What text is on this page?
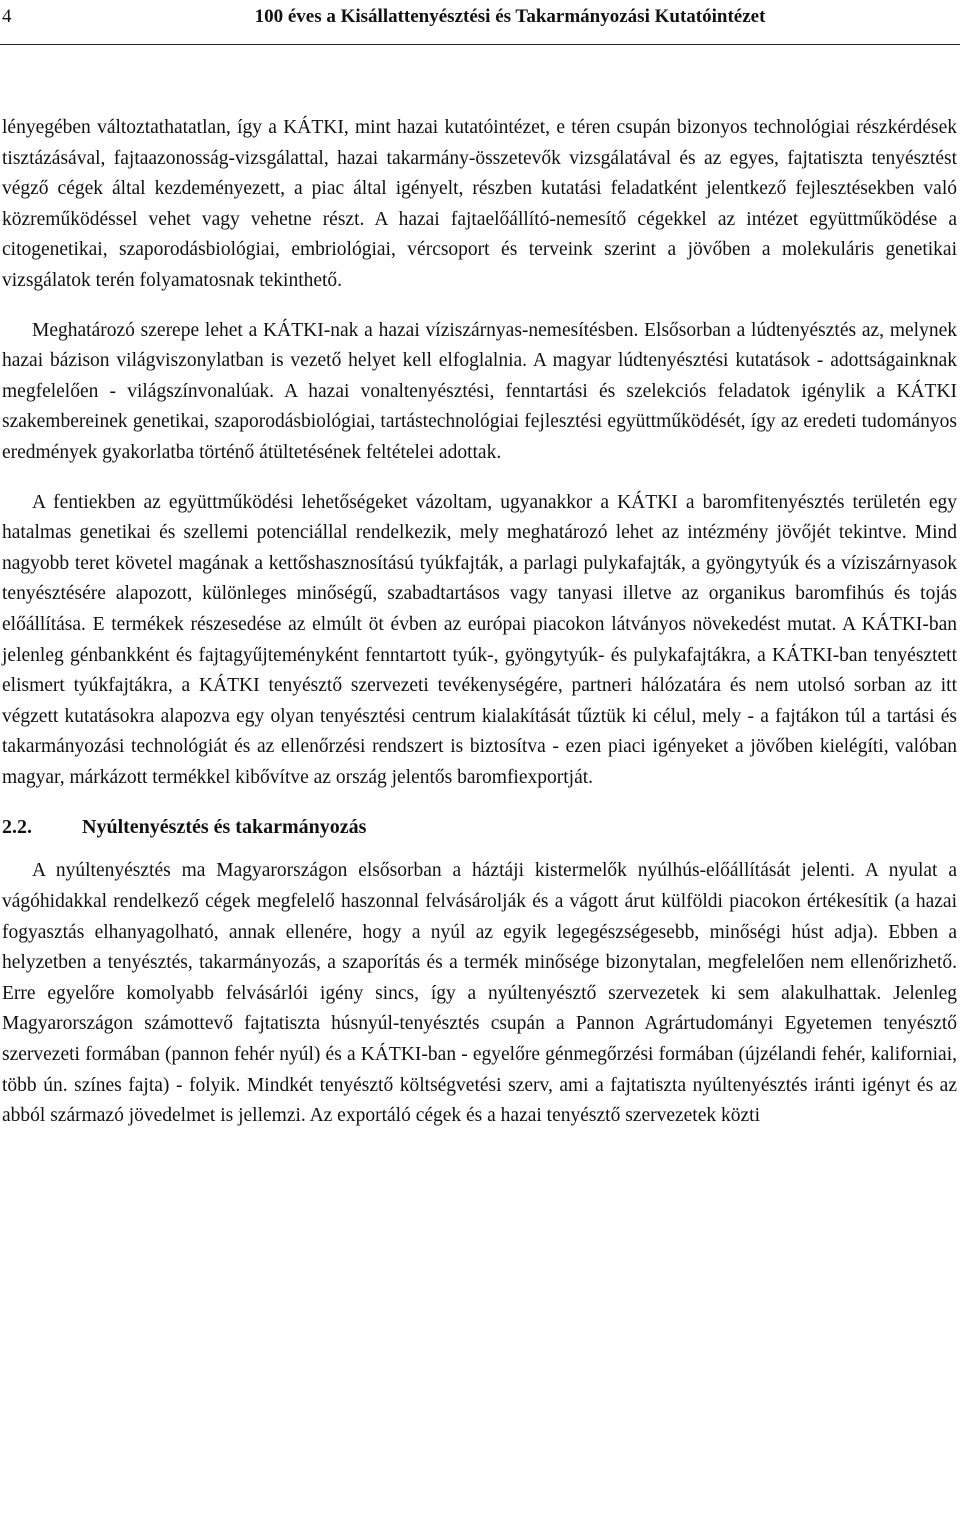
4	100 éves a Kisállattenyésztési és Takarmányozási Kutatóintézet

lényegében változtathatatlan, így a KÁTKI, mint hazai kutatóintézet, e téren csupán bizonyos technológiai részkérdések tisztázásával, fajtaazonosság-vizsgálattal, hazai takarmány-összetevők vizsgálatával és az egyes, fajtatiszta tenyésztést végző cégek által kezdeményezett, a piac által igényelt, részben kutatási feladatként jelentkező fejlesztésekben való közreműködéssel vehet vagy vehetne részt. A hazai fajtaelőállító-nemesítő cégekkel az intézet együttműködése a citogenetikai, szaporodásbiológiai, embriológiai, vércsoport és terveink szerint a jövőben a molekuláris genetikai vizsgálatok terén folyamatosnak tekinthető.

Meghatározó szerepe lehet a KÁTKI-nak a hazai víziszárnyas-nemesítésben. Elsősorban a lúdtenyésztés az, melynek hazai bázison világviszonylatban is vezető helyet kell elfoglalnia. A magyar lúdtenyésztési kutatások - adottságainknak megfelelően - világszínvonalúak. A hazai vonaltenyésztési, fenntartási és szelekciós feladatok igénylik a KÁTKI szakembereinek genetikai, szaporodásbiológiai, tartástechnológiai fejlesztési együttműködését, így az eredeti tudományos eredmények gyakorlatba történő átültetésének feltételei adottak.

A fentiekben az együttműködési lehetőségeket vázoltam, ugyanakkor a KÁTKI a baromfitenyésztés területén egy hatalmas genetikai és szellemi potenciállal rendelkezik, mely meghatározó lehet az intézmény jövőjét tekintve. Mind nagyobb teret követel magának a kettőshasznosítású tyúkfajták, a parlagi pulykafajták, a gyöngytyúk és a víziszárnyasok tenyésztésére alapozott, különleges minőségű, szabadtartásos vagy tanyasi illetve az organikus baromfihús és tojás előállítása. E termékek részesedése az elmúlt öt évben az európai piacokon látványos növekedést mutat. A KÁTKI-ban jelenleg génbankként és fajtagyűjteményként fenntartott tyúk-, gyöngytyúk- és pulykafajtákra, a KÁTKI-ban tenyésztett elismert tyúkfajtákra, a KÁTKI tenyésztő szervezeti tevékenységére, partneri hálózatára és nem utolsó sorban az itt végzett kutatásokra alapozva egy olyan tenyésztési centrum kialakítását tűztük ki célul, mely - a fajtákon túl a tartási és takarmányozási technológiát és az ellenőrzési rendszert is biztosítva - ezen piaci igényeket a jövőben kielégíti, valóban magyar, márkázott termékkel kibővítve az ország jelentős baromfiexportját.

2.2.	Nyúltenyésztés és takarmányozás

A nyúltenyésztés ma Magyarországon elsősorban a háztáji kistermelők nyúlhús-előállítását jelenti. A nyulat a vágóhidakkal rendelkező cégek megfelelő haszonnal felvásárolják és a vágott árut külföldi piacokon értékesítik (a hazai fogyasztás elhanyagolható, annak ellenére, hogy a nyúl az egyik legegészségesebb, minőségi húst adja). Ebben a helyzetben a tenyésztés, takarmányozás, a szaporítás és a termék minősége bizonytalan, megfelelően nem ellenőrizhető. Erre egyelőre komolyabb felvásárlói igény sincs, így a nyúltenyésztő szervezetek ki sem alakulhattak. Jelenleg Magyarországon számottevő fajtatiszta húsnyúl-tenyésztés csupán a Pannon Agrártudományi Egyetemen tenyésztő szervezeti formában (pannon fehér nyúl) és a KÁTKI-ban - egyelőre génmegőrzési formában (újzélandi fehér, kaliforniai, több ún. színes fajta) - folyik. Mindkét tenyésztő költségvetési szerv, ami a fajtatiszta nyúltenyésztés iránti igényt és az abból származó jövedelmet is jellemzi. Az exportáló cégek és a hazai tenyésztő szervezetek közti
